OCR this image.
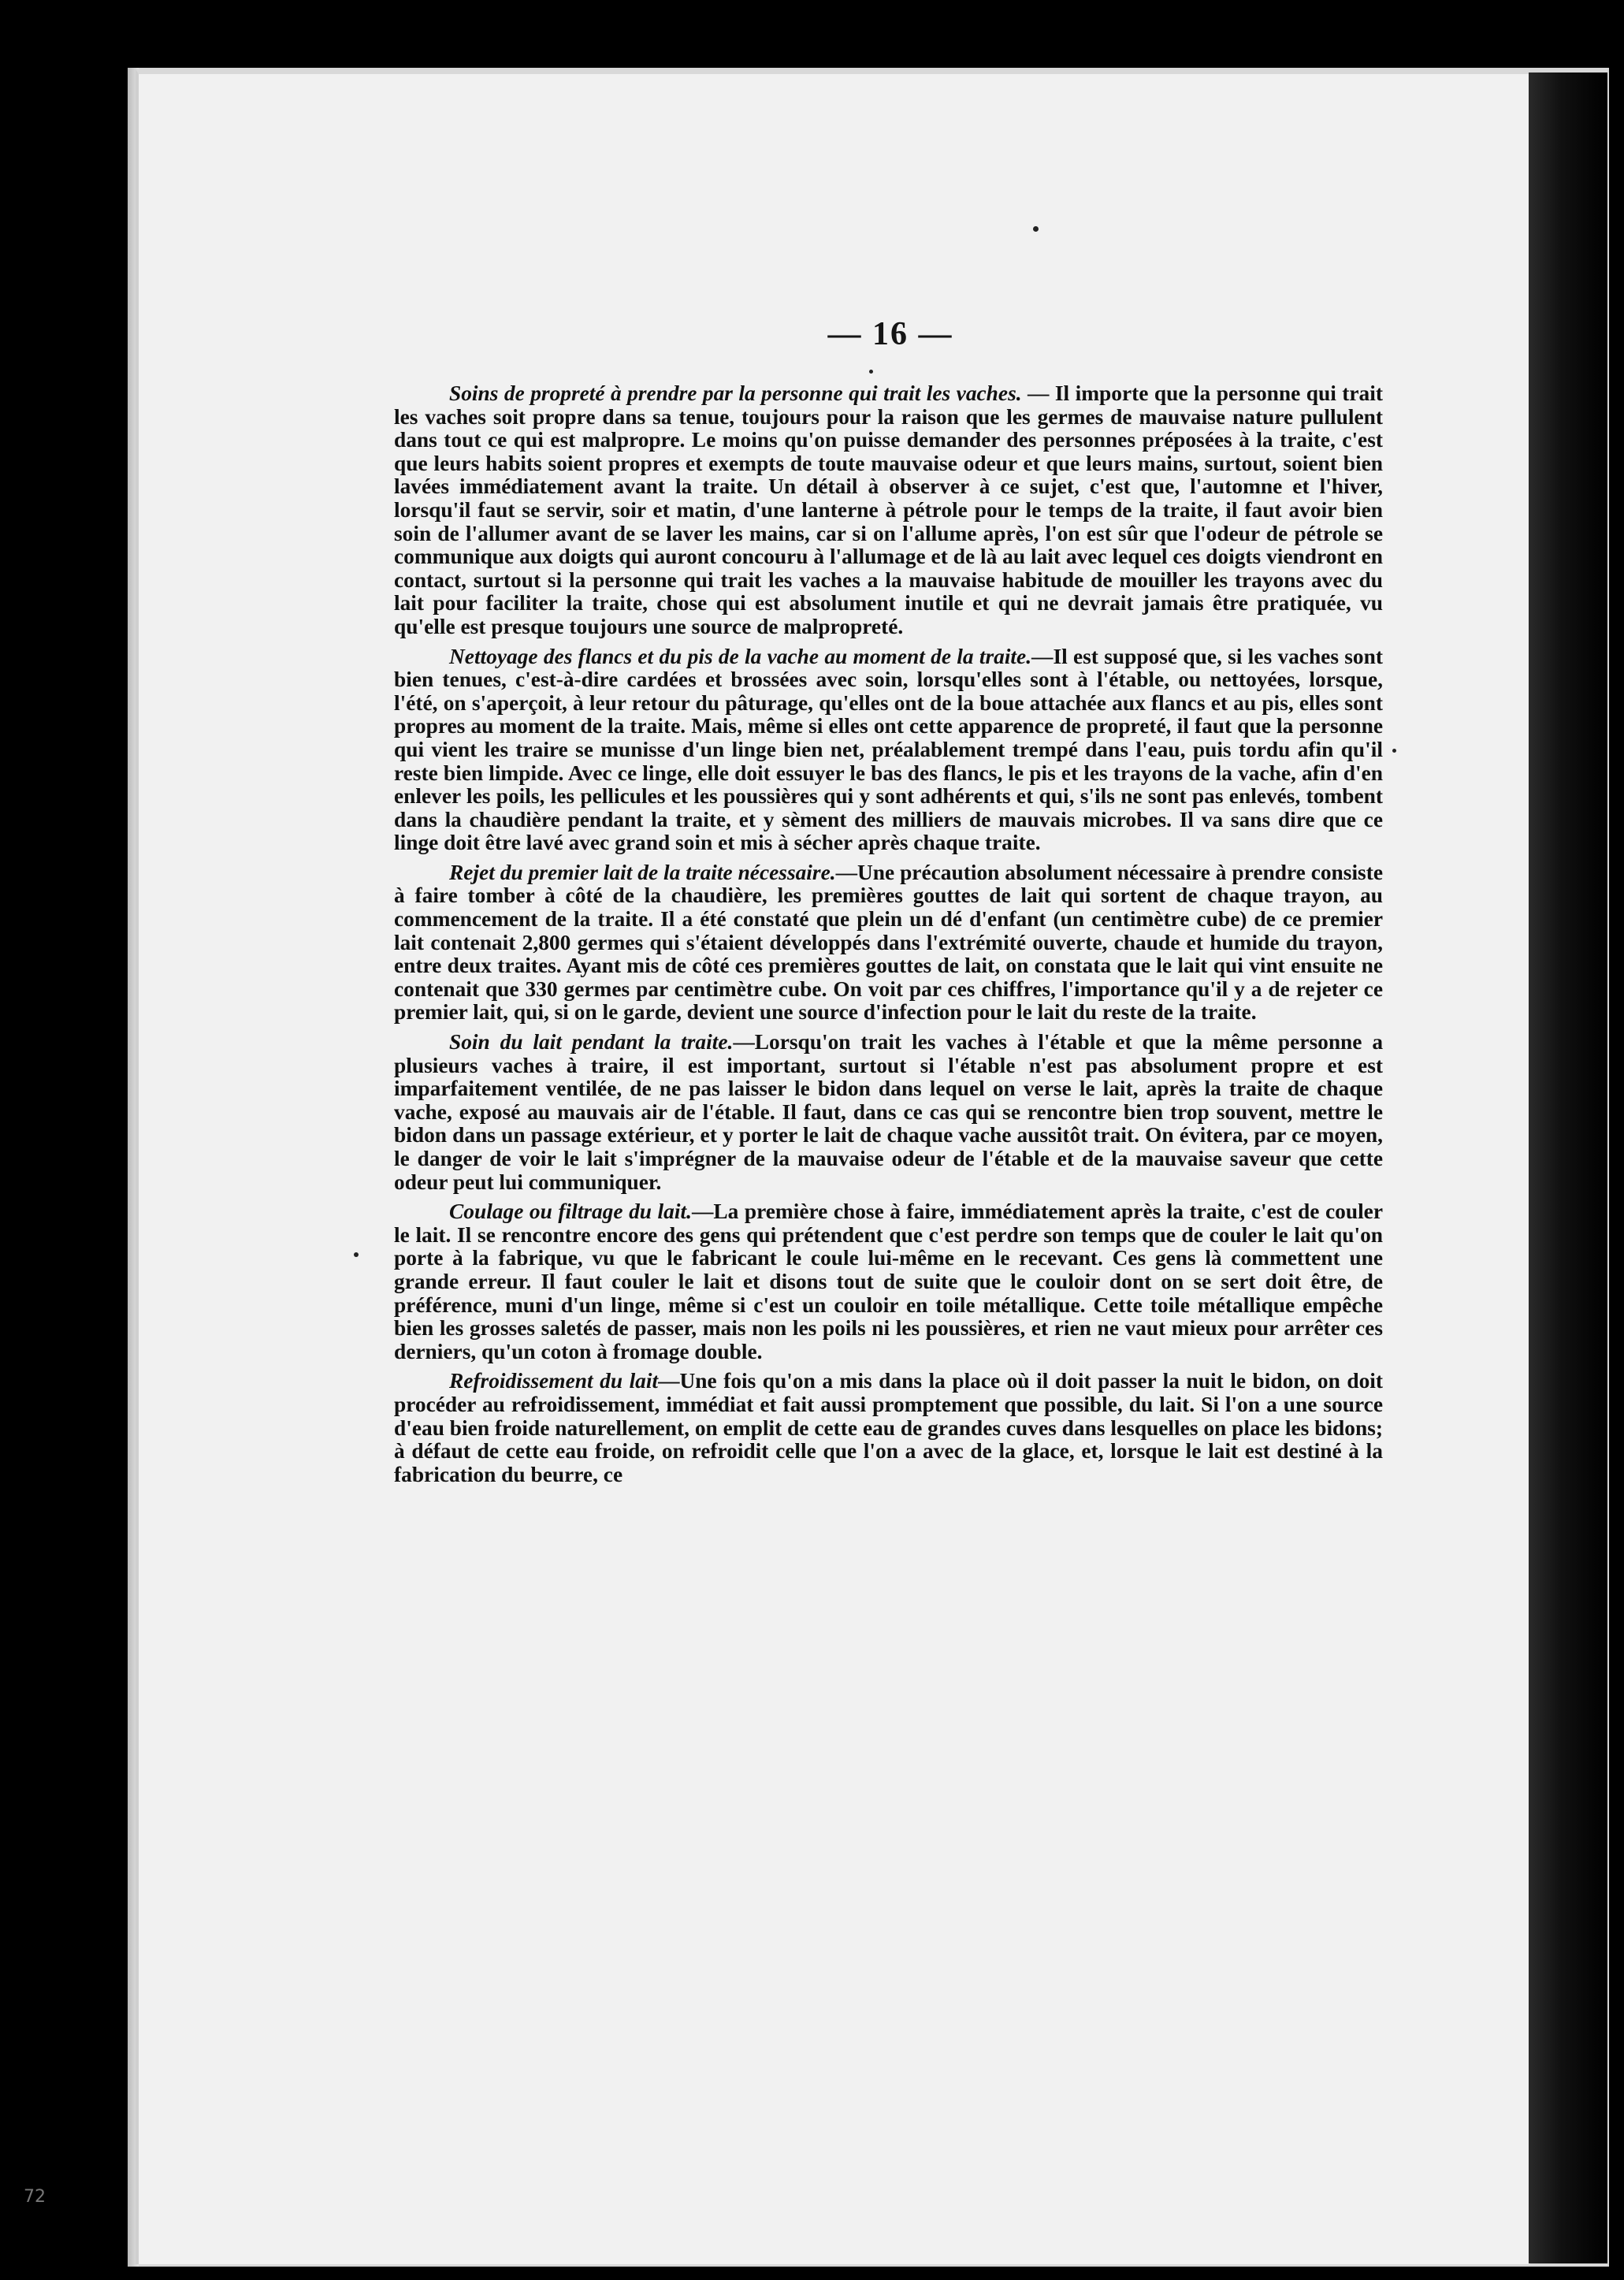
— 16 —

Soins de propreté à prendre par la personne qui trait les vaches. — Il importe que la personne qui trait les vaches soit propre dans sa tenue, toujours pour la raison que les germes de mauvaise nature pullulent dans tout ce qui est malpropre. Le moins qu'on puisse demander des personnes préposées à la traite, c'est que leurs habits soient propres et exempts de toute mauvaise odeur et que leurs mains, surtout, soient bien lavées immédiatement avant la traite. Un détail à observer à ce sujet, c'est que, l'automne et l'hiver, lorsqu'il faut se servir, soir et matin, d'une lanterne à pétrole pour le temps de la traite, il faut avoir bien soin de l'allumer avant de se laver les mains, car si on l'allume après, l'on est sûr que l'odeur de pétrole se communique aux doigts qui auront concouru à l'allumage et de là au lait avec lequel ces doigts viendront en contact, surtout si la personne qui trait les vaches a la mauvaise habitude de mouiller les trayons avec du lait pour faciliter la traite, chose qui est absolument inutile et qui ne devrait jamais être pratiquée, vu qu'elle est presque toujours une source de malpropreté.

Nettoyage des flancs et du pis de la vache au moment de la traite.—Il est supposé que, si les vaches sont bien tenues, c'est-à-dire cardées et brossées avec soin, lorsqu'elles sont à l'étable, ou nettoyées, lorsque, l'été, on s'aperçoit, à leur retour du pâturage, qu'elles ont de la boue attachée aux flancs et au pis, elles sont propres au moment de la traite. Mais, même si elles ont cette apparence de propreté, il faut que la personne qui vient les traire se munisse d'un linge bien net, préalablement trempé dans l'eau, puis tordu afin qu'il reste bien limpide. Avec ce linge, elle doit essuyer le bas des flancs, le pis et les trayons de la vache, afin d'en enlever les poils, les pellicules et les poussières qui y sont adhérents et qui, s'ils ne sont pas enlevés, tombent dans la chaudière pendant la traite, et y sèment des milliers de mauvais microbes. Il va sans dire que ce linge doit être lavé avec grand soin et mis à sécher après chaque traite.

Rejet du premier lait de la traite nécessaire.—Une précaution absolument nécessaire à prendre consiste à faire tomber à côté de la chaudière, les premières gouttes de lait qui sortent de chaque trayon, au commencement de la traite. Il a été constaté que plein un dé d'enfant (un centimètre cube) de ce premier lait contenait 2,800 germes qui s'étaient développés dans l'extrémité ouverte, chaude et humide du trayon, entre deux traites. Ayant mis de côté ces premières gouttes de lait, on constata que le lait qui vint ensuite ne contenait que 330 germes par centimètre cube. On voit par ces chiffres, l'importance qu'il y a de rejeter ce premier lait, qui, si on le garde, devient une source d'infection pour le lait du reste de la traite.

Soin du lait pendant la traite.—Lorsqu'on trait les vaches à l'étable et que la même personne a plusieurs vaches à traire, il est important, surtout si l'étable n'est pas absolument propre et est imparfaitement ventilée, de ne pas laisser le bidon dans lequel on verse le lait, après la traite de chaque vache, exposé au mauvais air de l'étable. Il faut, dans ce cas qui se rencontre bien trop souvent, mettre le bidon dans un passage extérieur, et y porter le lait de chaque vache aussitôt trait. On évitera, par ce moyen, le danger de voir le lait s'imprégner de la mauvaise odeur de l'étable et de la mauvaise saveur que cette odeur peut lui communiquer.

Coulage ou filtrage du lait.—La première chose à faire, immédiatement après la traite, c'est de couler le lait. Il se rencontre encore des gens qui prétendent que c'est perdre son temps que de couler le lait qu'on porte à la fabrique, vu que le fabricant le coule lui-même en le recevant. Ces gens là commettent une grande erreur. Il faut couler le lait et disons tout de suite que le couloir dont on se sert doit être, de préférence, muni d'un linge, même si c'est un couloir en toile métallique. Cette toile métallique empêche bien les grosses saletés de passer, mais non les poils ni les poussières, et rien ne vaut mieux pour arrêter ces derniers, qu'un coton à fromage double.

Refroidissement du lait—Une fois qu'on a mis dans la place où il doit passer la nuit le bidon, on doit procéder au refroidissement, immédiat et fait aussi promptement que possible, du lait. Si l'on a une source d'eau bien froide naturellement, on emplit de cette eau de grandes cuves dans lesquelles on place les bidons; à défaut de cette eau froide, on refroidit celle que l'on a avec de la glace, et, lorsque le lait est destiné à la fabrication du beurre, ce

72
